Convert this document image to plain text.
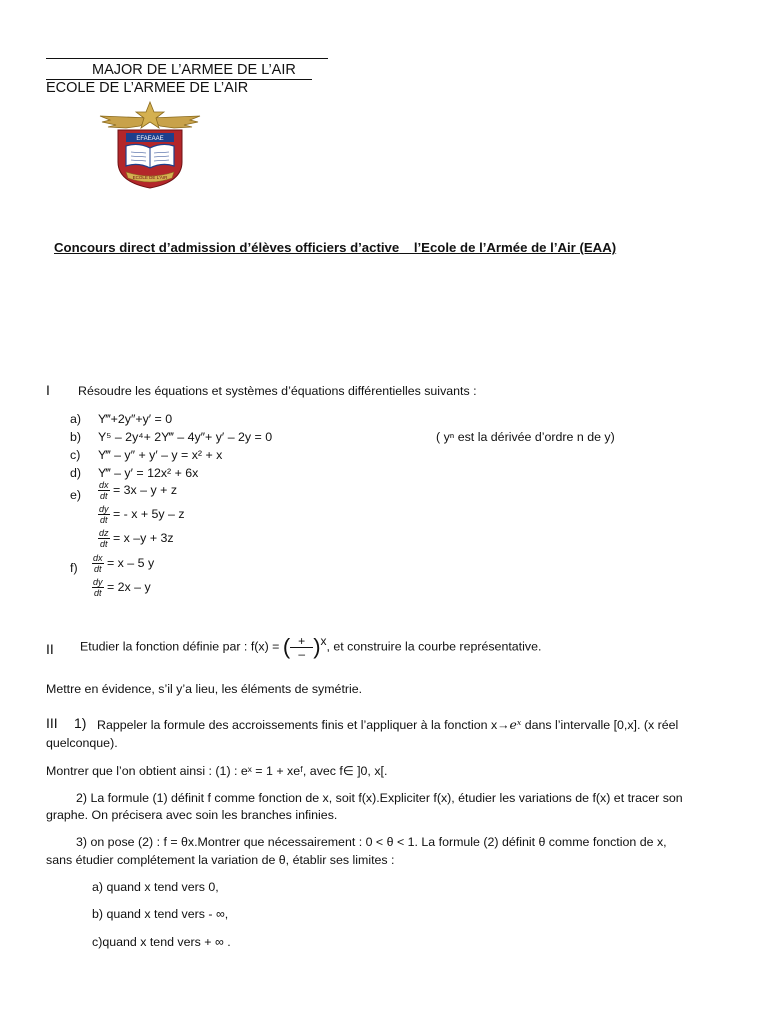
MAJOR DE L’ARMEE DE L’AIR
ECOLE DE L’ARMEE DE L’AIR
EFAEAAE
ECOLE DE L'AIR
Concours direct d’admission d’élèves officiers d’active    l’Ecole de l’Armée de l’Air (EAA)
I Résoudre les équations et systèmes d’équations différentielles suivants :
a) Y‴+2y″+y′ = 0
b) Y⁵ – 2y⁴+ 2Y‴ – 4y″+ y′ – 2y = 0	( yⁿ est la dérivée d’ordre n de y)
c) Y‴ – y″ + y′ – y = x² + x
d) Y‴ – y′ = 12x² + 6x
$e) \frac{dx}{dt} = 3x - y + z$
$\frac{dy}{dt}$ = - x + 5y – z
$\frac{dz}{dt} = x$ –y + 3z
$f) \frac{dx}{dt} = x - 5$ y
$\frac{dy}{dt} = 2x - y$
II Etudier la fonction définie par : f(x) = ( $\frac{+}{-} )^x$, et construire la courbe représentative.
Mettre en évidence, s’il y’a lieu, les éléments de symétrie.
III 1) Rappeler la formule des accroissements finis et l’appliquer à la fonction x→eˣ dans l’intervalle [0,x]. (x réel
quelconque).
Montrer que l’on obtient ainsi : (1) : eˣ = 1 + xeᶠ, avec f∈ ]0, x[.
2) La formule (1) définit f comme fonction de x, soit f(x).Expliciter f(x), étudier les variations de f(x) et tracer son
graphe. On précisera avec soin les branches infinies.
3) on pose (2) : f = θx.Montrer que nécessairement : 0 < θ < 1. La formule (2) définit θ comme fonction de x,
sans étudier complétement la variation de θ, établir ses limites :
a) quand x tend vers 0,
b) quand x tend vers - ∞,
c)quand x tend vers + ∞ .
